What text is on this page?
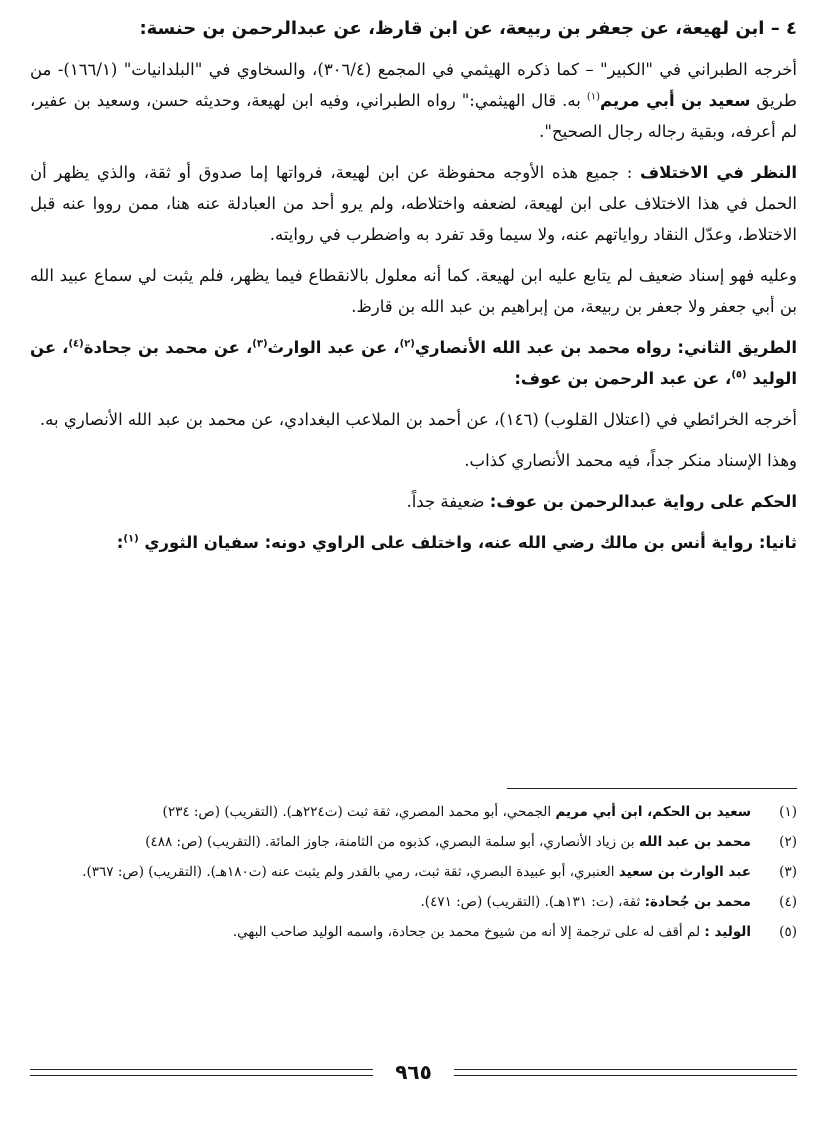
٤ – ابن لهيعة، عن جعفر بن ربيعة، عن ابن قارظ، عن عبدالرحمن بن حنسة:

أخرجه الطبراني في "الكبير" – كما ذكره الهيثمي في المجمع (٣٠٦/٤)، والسخاوي في "البلدانيات" (١٦٦/١)- من طريق سعيد بن أبي مريم$^{(١)}$ به. قال الهيثمي:" رواه الطبراني، وفيه ابن لهيعة، وحديثه حسن، وسعيد بن عفير، لم أعرفه، وبقية رجاله رجال الصحيح".

النظر في الاختلاف : جميع هذه الأوجه محفوظة عن ابن لهيعة، فرواتها إما صدوق أو ثقة، والذي يظهر أن الحمل في هذا الاختلاف على ابن لهيعة، لضعفه واختلاطه، ولم يرو أحد من العبادلة عنه هنا، ممن رووا عنه قبل الاختلاط، وعدّل النقاد رواياتهم عنه، ولا سيما وقد تفرد به واضطرب في روايته.

وعليه فهو إسناد ضعيف لم يتابع عليه ابن لهيعة. كما أنه معلول بالانقطاع فيما يظهر، فلم يثبت لي سماع عبيد الله بن أبي جعفر ولا جعفر بن ربيعة، من إبراهيم بن عبد الله بن قارظ.

الطريق الثاني: رواه محمد بن عبد الله الأنصاري$^{(٢)}$، عن عبد الوارث$^{(٣)}$، عن محمد بن جحادة$^{(٤)}$، عن الوليد $^{(٥)}$، عن عبد الرحمن بن عوف:

أخرجه الخرائطي في (اعتلال القلوب) (١٤٦)، عن أحمد بن الملاعب البغدادي، عن محمد بن عبد الله الأنصاري به.

وهذا الإسناد منكر جداً، فيه محمد الأنصاري كذاب.

الحكم على رواية عبدالرحمن بن عوف: ضعيفة جداً.

ثانيا: رواية أنس بن مالك رضي الله عنه، واختلف على الراوي دونه: سفيان الثوري $^{(١)}$:

(١)
سعيد بن الحكم، ابن أبي مريم الجمحي، أبو محمد المصري، ثقة ثبت (ت٢٢٤هـ). (التقريب) (ص: ٢٣٤)
(٢)
محمد بن عبد الله بن زياد الأنصاري، أبو سلمة البصري، كذبوه من الثامنة، جاوز المائة. (التقريب) (ص: ٤٨٨)
(٣)
عبد الوارث بن سعيد العنبري، أبو عبيدة البصري، ثقة ثبت، رمي بالقدر ولم يثبت عنه (ت١٨٠هـ). (التقريب) (ص: ٣٦٧).
(٤)
محمد بن جُحادة: ثقة، (ت: ١٣١هـ). (التقريب) (ص: ٤٧١).
(٥)
الوليد : لم أقف له على ترجمة إلا أنه من شيوخ محمد بن جحادة، واسمه الوليد صاحب البهي.
٩٦٥
